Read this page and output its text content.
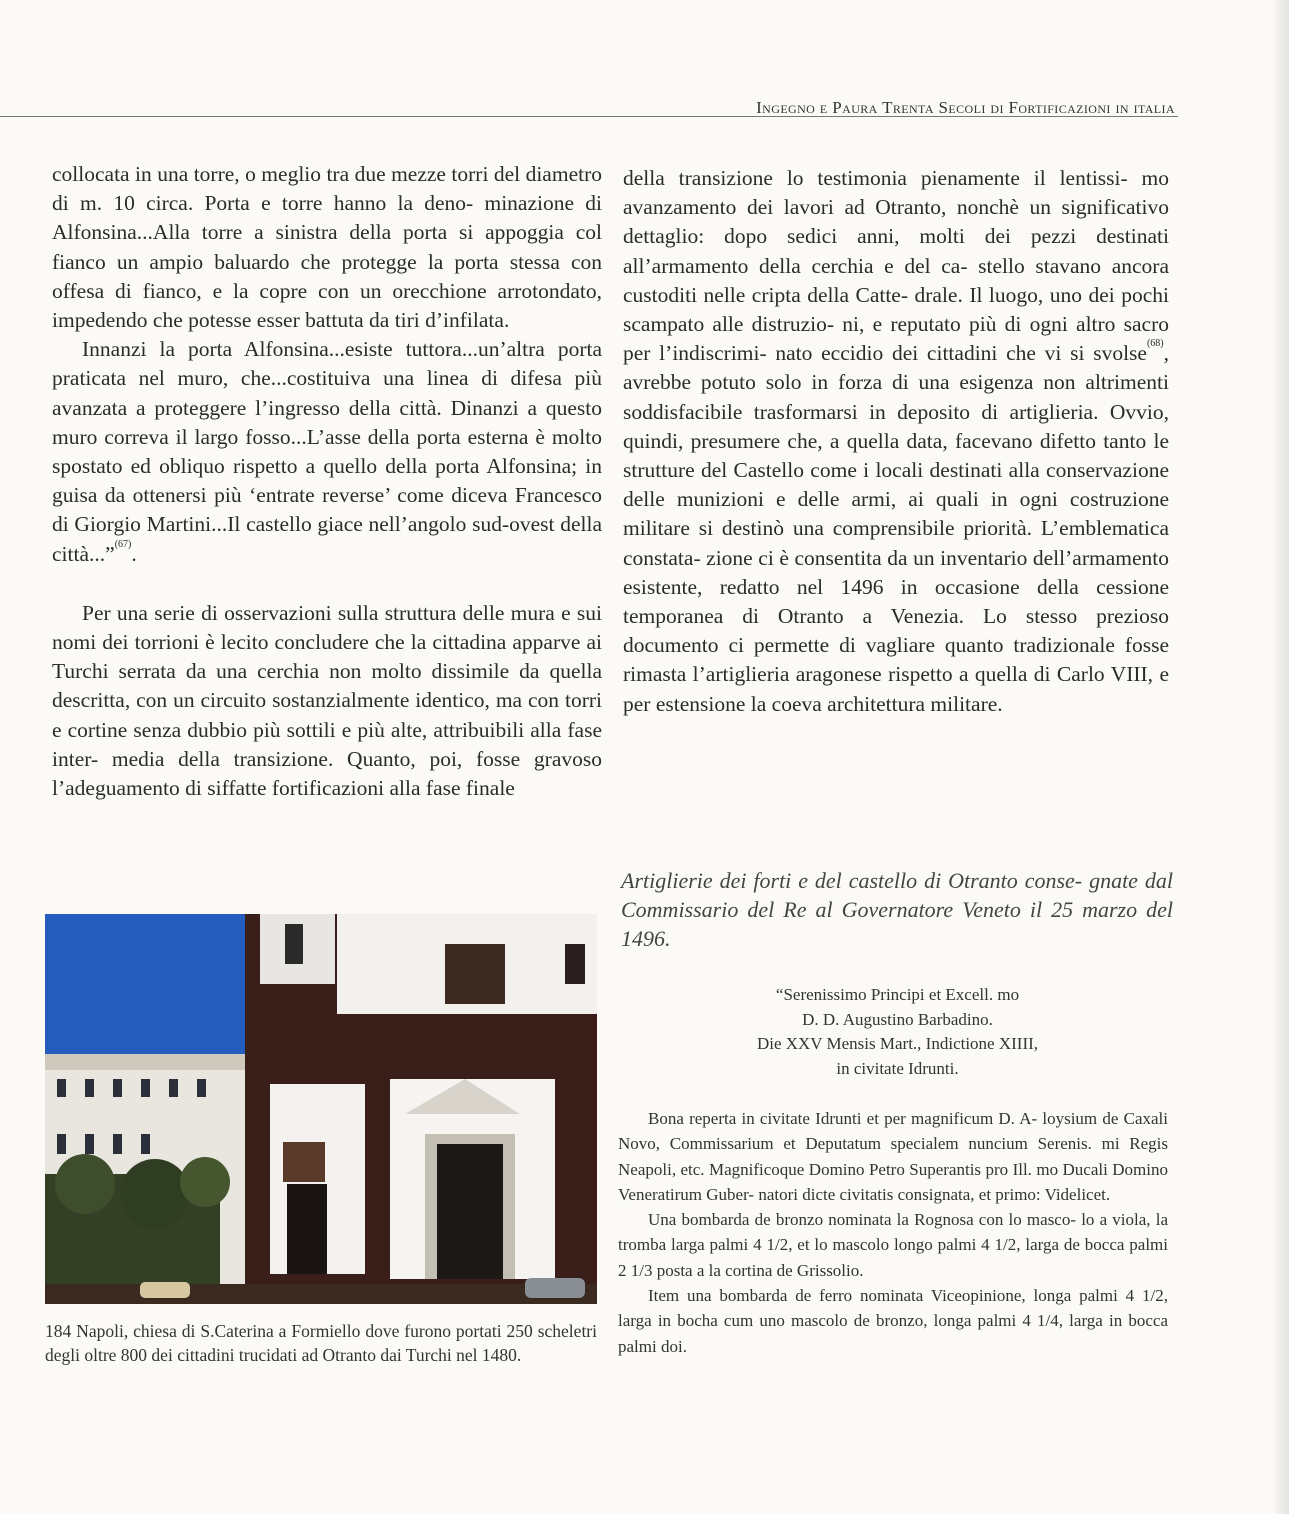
Ingegno e Paura Trenta Secoli di Fortificazioni in italia

collocata in una torre, o meglio tra due mezze torri del diametro di m. 10 circa. Porta e torre hanno la deno- minazione di Alfonsina...Alla torre a sinistra della porta si appoggia col fianco un ampio baluardo che protegge la porta stessa con offesa di fianco, e la copre con un orecchione arrotondato, impedendo che potesse esser battuta da tiri d’infilata.

Innanzi la porta Alfonsina...esiste tuttora...un’altra porta praticata nel muro, che...costituiva una linea di difesa più avanzata a proteggere l’ingresso della città. Dinanzi a questo muro correva il largo fosso...L’asse della porta esterna è molto spostato ed obliquo rispetto a quello della porta Alfonsina; in guisa da ottenersi più ‘entrate reverse’ come diceva Francesco di Giorgio Martini...Il castello giace nell’angolo sud-ovest della città...”$^{(67)}$.

Per una serie di osservazioni sulla struttura delle mura e sui nomi dei torrioni è lecito concludere che la cittadina apparve ai Turchi serrata da una cerchia non molto dissimile da quella descritta, con un circuito sostanzialmente identico, ma con torri e cortine senza dubbio più sottili e più alte, attribuibili alla fase inter- media della transizione. Quanto, poi, fosse gravoso l’adeguamento di siffatte fortificazioni alla fase finale

della transizione lo testimonia pienamente il lentissi- mo avanzamento dei lavori ad Otranto, nonchè un significativo dettaglio: dopo sedici anni, molti dei pezzi destinati all’armamento della cerchia e del ca- stello stavano ancora custoditi nelle cripta della Catte- drale. Il luogo, uno dei pochi scampato alle distruzio- ni, e reputato più di ogni altro sacro per l’indiscrimi- nato eccidio dei cittadini che vi si svolse$^{(68)}$, avrebbe potuto solo in forza di una esigenza non altrimenti soddisfacibile trasformarsi in deposito di artiglieria. Ovvio, quindi, presumere che, a quella data, facevano difetto tanto le strutture del Castello come i locali destinati alla conservazione delle munizioni e delle armi, ai quali in ogni costruzione militare si destinò una comprensibile priorità. L’emblematica constata- zione ci è consentita da un inventario dell’armamento esistente, redatto nel 1496 in occasione della cessione temporanea di Otranto a Venezia. Lo stesso prezioso documento ci permette di vagliare quanto tradizionale fosse rimasta l’artiglieria aragonese rispetto a quella di Carlo VIII, e per estensione la coeva architettura militare.

184 Napoli, chiesa di S.Caterina a Formiello dove furono portati 250 scheletri degli oltre 800 dei cittadini trucidati ad Otranto dai Turchi nel 1480.
Artiglierie dei forti e del castello di Otranto conse- gnate dal Commissario del Re al Governatore Veneto il 25 marzo del 1496.
“Serenissimo Principi et Excell. mo
D. D. Augustino Barbadino.
Die XXV Mensis Mart., Indictione XIIII,
in civitate Idrunti.

Bona reperta in civitate Idrunti et per magnificum D. A- loysium de Caxali Novo, Commissarium et Deputatum specialem nuncium Serenis. mi Regis Neapoli, etc. Magnificoque Domino Petro Superantis pro Ill. mo Ducali Domino Veneratirum Guber- natori dicte civitatis consignata, et primo: Videlicet.

Una bombarda de bronzo nominata la Rognosa con lo masco- lo a viola, la tromba larga palmi 4 1/2, et lo mascolo longo palmi 4 1/2, larga de bocca palmi 2 1/3 posta a la cortina de Grissolio.

Item una bombarda de ferro nominata Viceopinione, longa palmi 4 1/2, larga in bocha cum uno mascolo de bronzo, longa palmi 4 1/4, larga in bocca palmi doi.
